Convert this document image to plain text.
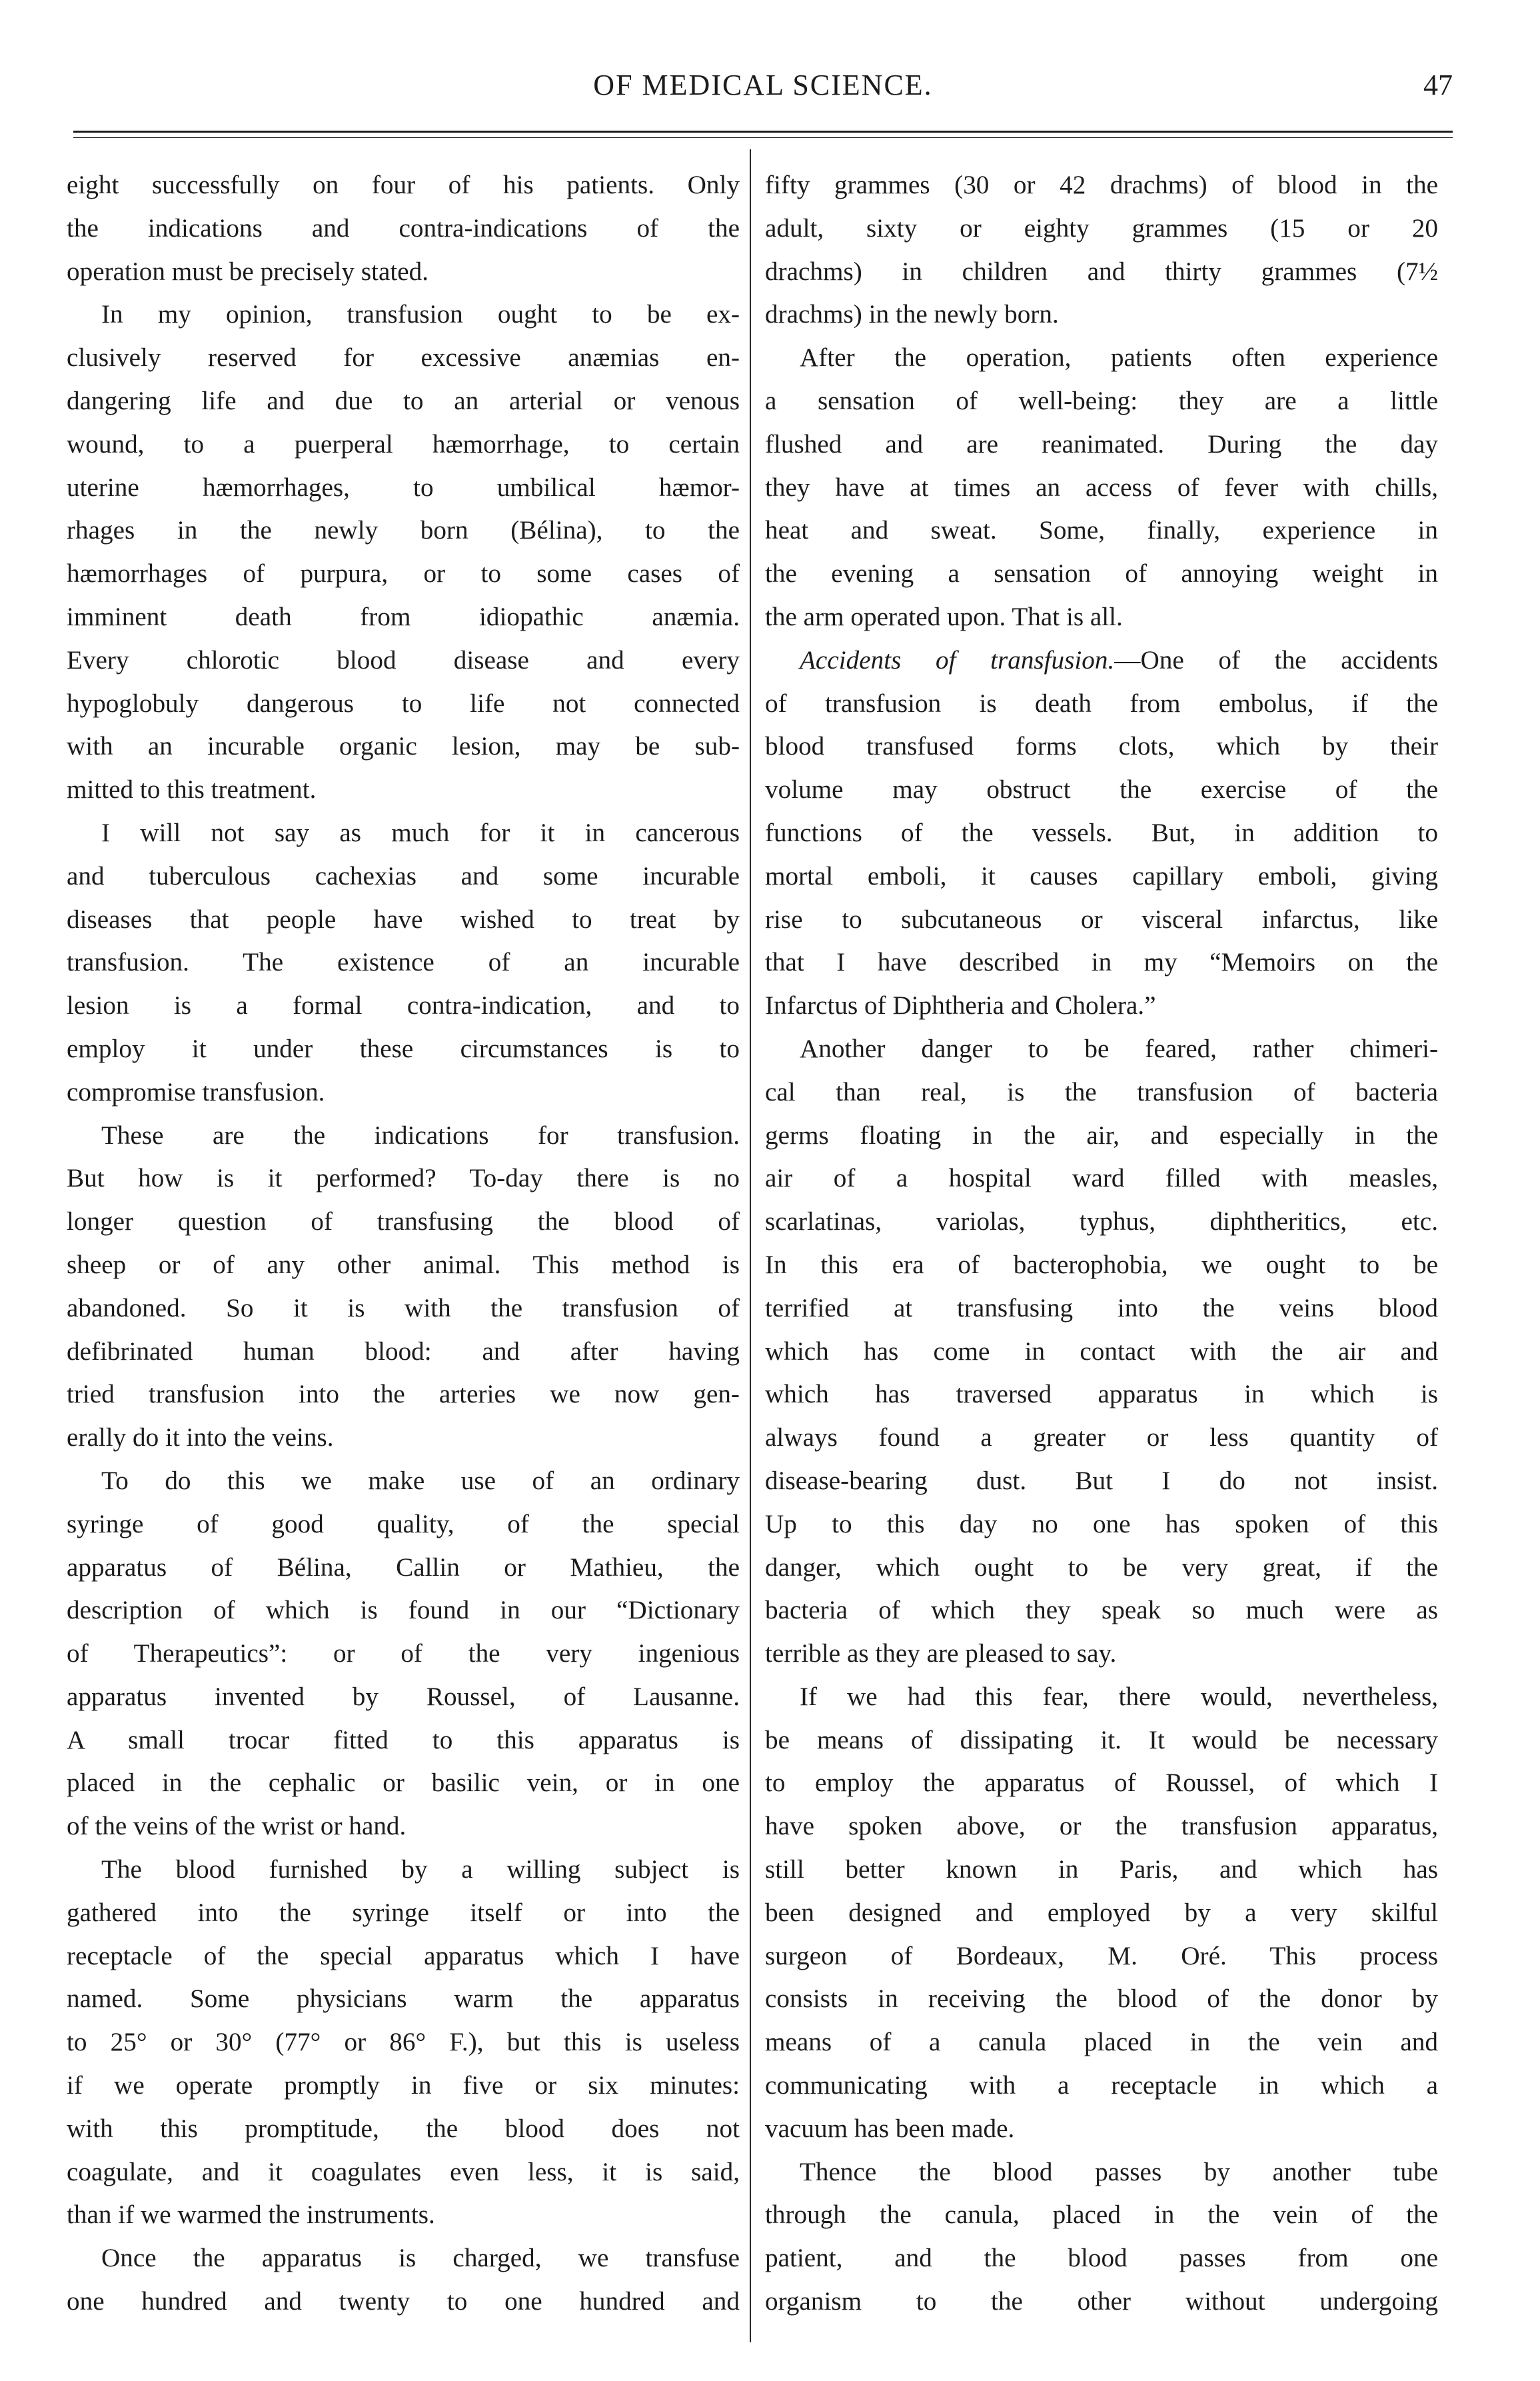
OF MEDICAL SCIENCE.	47
eight successfully on four of his patients. Only
the indications and contra-indications of the
operation must be precisely stated.
In my opinion, transfusion ought to be ex-
clusively reserved for excessive anæmias en-
dangering life and due to an arterial or venous
wound, to a puerperal hæmorrhage, to certain
uterine hæmorrhages, to umbilical hæmor-
rhages in the newly born (Bélina), to the
hæmorrhages of purpura, or to some cases of
imminent death from idiopathic anæmia.
Every chlorotic blood disease and every
hypoglobuly dangerous to life not connected
with an incurable organic lesion, may be sub-
mitted to this treatment.
I will not say as much for it in cancerous
and tuberculous cachexias and some incurable
diseases that people have wished to treat by
transfusion. The existence of an incurable
lesion is a formal contra-indication, and to
employ it under these circumstances is to
compromise transfusion.
These are the indications for transfusion.
But how is it performed? To-day there is no
longer question of transfusing the blood of
sheep or of any other animal. This method is
abandoned. So it is with the transfusion of
defibrinated human blood: and after having
tried transfusion into the arteries we now gen-
erally do it into the veins.
To do this we make use of an ordinary
syringe of good quality, of the special
apparatus of Bélina, Callin or Mathieu, the
description of which is found in our “Dictionary
of Therapeutics”: or of the very ingenious
apparatus invented by Roussel, of Lausanne.
A small trocar fitted to this apparatus is
placed in the cephalic or basilic vein, or in one
of the veins of the wrist or hand.
The blood furnished by a willing subject is
gathered into the syringe itself or into the
receptacle of the special apparatus which I have
named. Some physicians warm the apparatus
to 25° or 30° (77° or 86° F.), but this is useless
if we operate promptly in five or six minutes:
with this promptitude, the blood does not
coagulate, and it coagulates even less, it is said,
than if we warmed the instruments.
Once the apparatus is charged, we transfuse
one hundred and twenty to one hundred and
fifty grammes (30 or 42 drachms) of blood in the
adult, sixty or eighty grammes (15 or 20
drachms) in children and thirty grammes (7½
drachms) in the newly born.
After the operation, patients often experience
a sensation of well-being: they are a little
flushed and are reanimated. During the day
they have at times an access of fever with chills,
heat and sweat. Some, finally, experience in
the evening a sensation of annoying weight in
the arm operated upon. That is all.
Accidents of transfusion.—One of the accidents
of transfusion is death from embolus, if the
blood transfused forms clots, which by their
volume may obstruct the exercise of the
functions of the vessels. But, in addition to
mortal emboli, it causes capillary emboli, giving
rise to subcutaneous or visceral infarctus, like
that I have described in my “Memoirs on the
Infarctus of Diphtheria and Cholera.”
Another danger to be feared, rather chimeri-
cal than real, is the transfusion of bacteria
germs floating in the air, and especially in the
air of a hospital ward filled with measles,
scarlatinas, variolas, typhus, diphtheritics, etc.
In this era of bacterophobia, we ought to be
terrified at transfusing into the veins blood
which has come in contact with the air and
which has traversed apparatus in which is
always found a greater or less quantity of
disease-bearing dust. But I do not insist.
Up to this day no one has spoken of this
danger, which ought to be very great, if the
bacteria of which they speak so much were as
terrible as they are pleased to say.
If we had this fear, there would, nevertheless,
be means of dissipating it. It would be necessary
to employ the apparatus of Roussel, of which I
have spoken above, or the transfusion apparatus,
still better known in Paris, and which has
been designed and employed by a very skilful
surgeon of Bordeaux, M. Oré. This process
consists in receiving the blood of the donor by
means of a canula placed in the vein and
communicating with a receptacle in which a
vacuum has been made.
Thence the blood passes by another tube
through the canula, placed in the vein of the
patient, and the blood passes from one
organism to the other without undergoing
